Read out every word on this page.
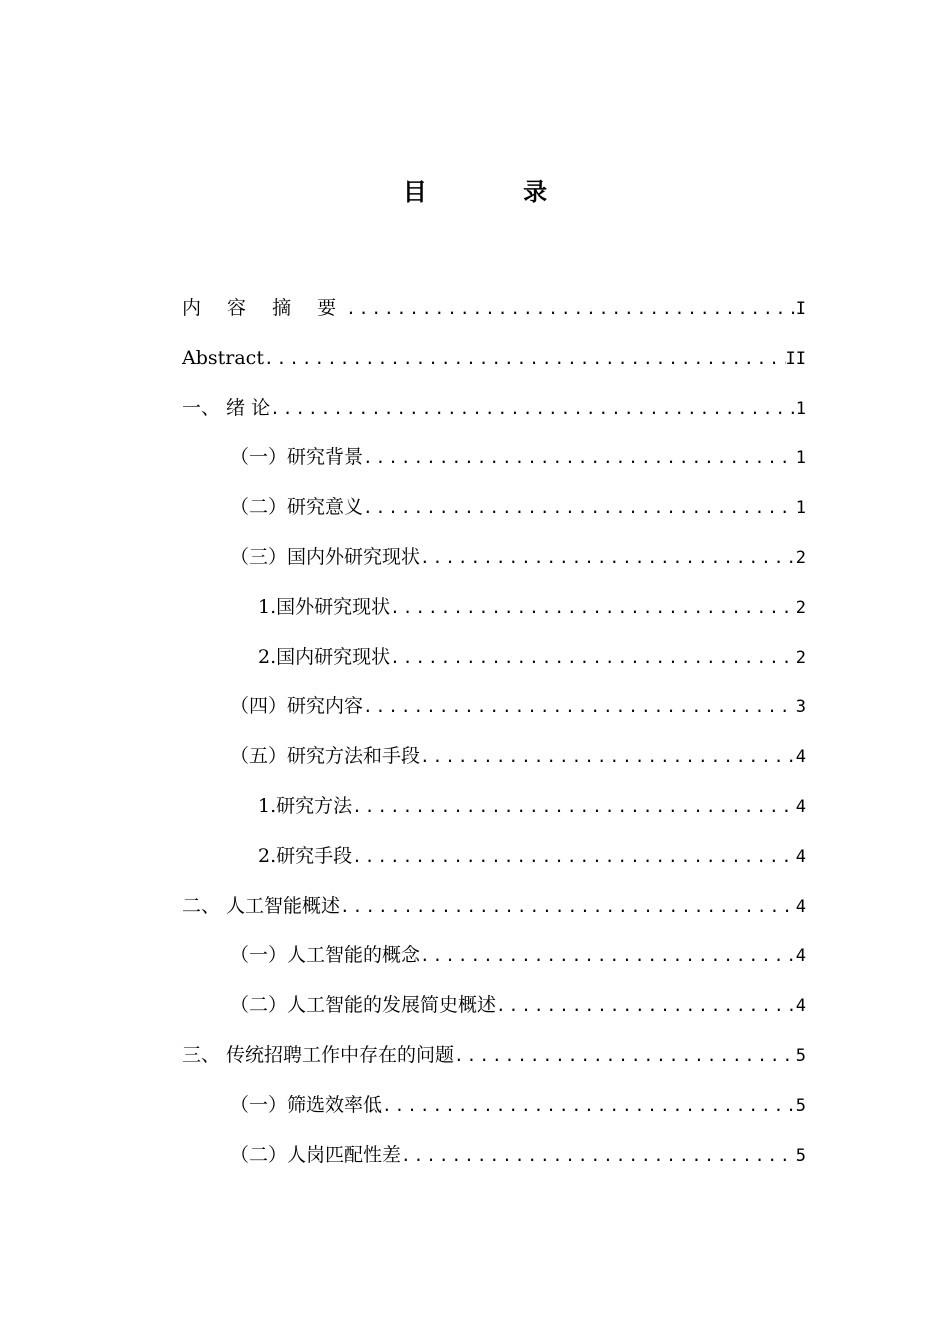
目 录
内 容 摘 要 .....	I
Abstract .....	II
一、 绪 论 .....	1
（一）研究背景 .....	1
（二）研究意义 .....	1
（三）国内外研究现状 .....	2
1.国外研究现状 .....	2
2.国内研究现状 .....	2
（四）研究内容 .....	3
（五）研究方法和手段 .....	4
1.研究方法 .....	4
2.研究手段 .....	4
二、 人工智能概述 .....	4
（一）人工智能的概念 .....	4
（二）人工智能的发展简史概述 .....	4
三、 传统招聘工作中存在的问题 .....	5
（一）筛选效率低 .....	5
（二）人岗匹配性差 .....	5
